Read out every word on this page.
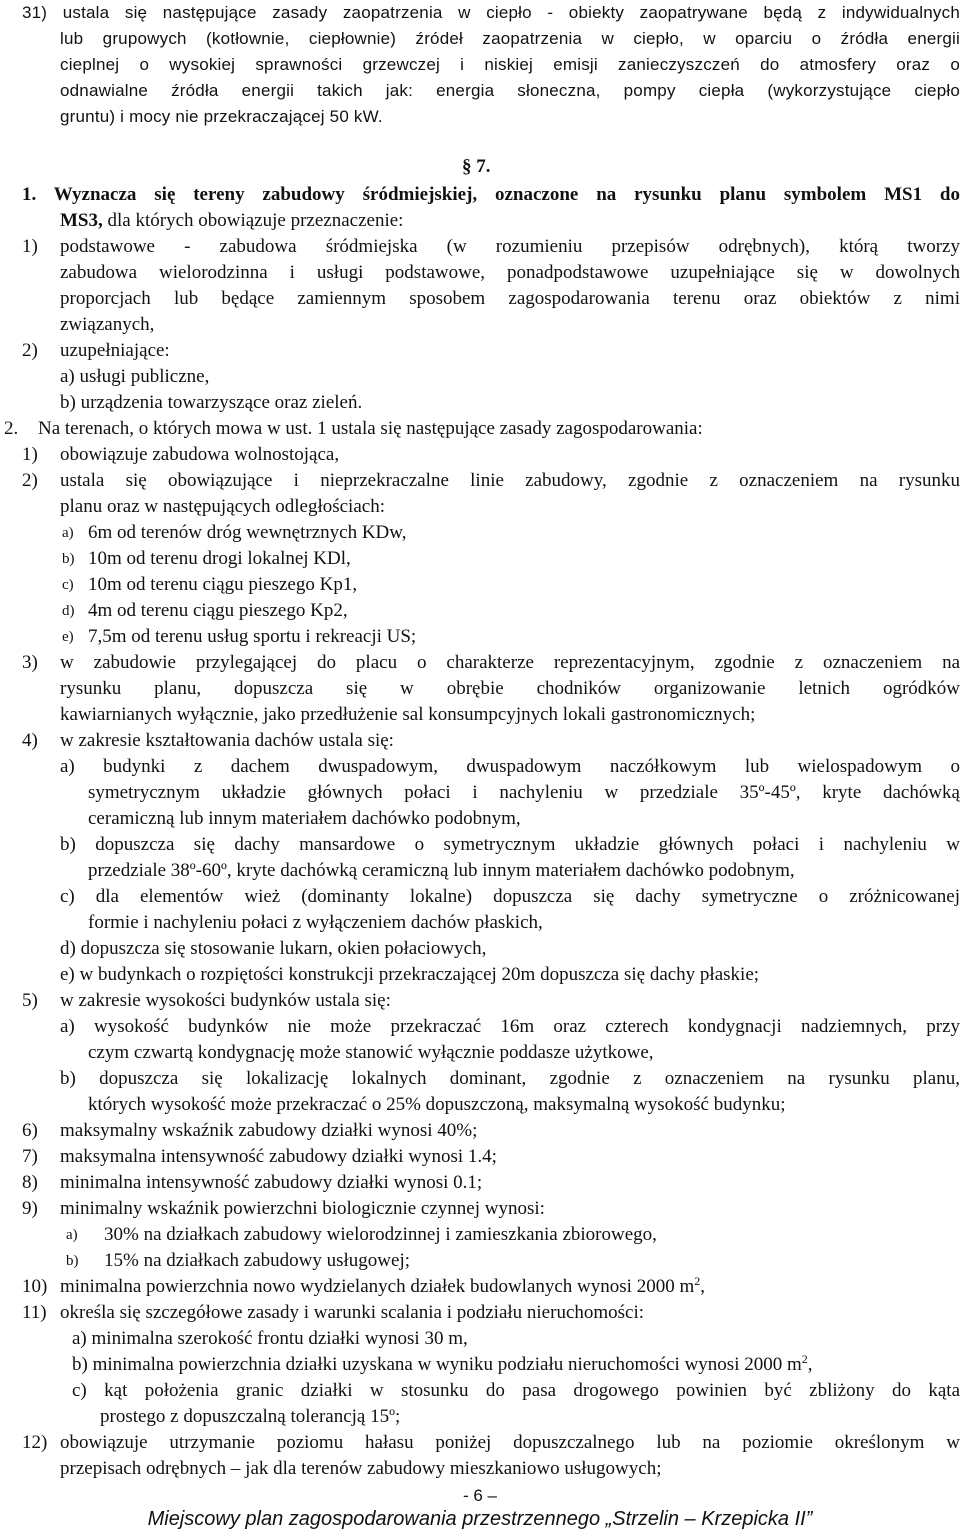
31) ustala się następujące zasady zaopatrzenia w ciepło - obiekty zaopatrywane będą z indywidualnych
lub grupowych (kotłownie, ciepłownie) źródeł zaopatrzenia w ciepło, w oparciu o źródła energii
cieplnej o wysokiej sprawności grzewczej i niskiej emisji zanieczyszczeń do atmosfery oraz o
odnawialne źródła energii takich jak: energia słoneczna, pompy ciepła (wykorzystujące ciepło
gruntu) i mocy nie przekraczającej 50 kW.
§ 7.
1. Wyznacza się tereny zabudowy śródmiejskiej, oznaczone na rysunku planu symbolem MS1 do
MS3, dla których obowiązuje przeznaczenie:
1)	podstawowe - zabudowa śródmiejska (w rozumieniu przepisów odrębnych), którą tworzy
zabudowa wielorodzinna i usługi podstawowe, ponadpodstawowe uzupełniające się w dowolnych
proporcjach lub będące zamiennym sposobem zagospodarowania terenu oraz obiektów z nimi
związanych,
2)	uzupełniające:
a) usługi publiczne,
b) urządzenia towarzyszące oraz zieleń.
2.	Na terenach, o których mowa w ust. 1 ustala się następujące zasady zagospodarowania:
1)	obowiązuje zabudowa wolnostojąca,
2)	ustala się obowiązujące i nieprzekraczalne linie zabudowy, zgodnie z oznaczeniem na rysunku
planu oraz w następujących odległościach:
a) 6m od terenów dróg wewnętrznych KDw,
b) 10m od terenu drogi lokalnej KDl,
c) 10m od terenu ciągu pieszego Kp1,
d) 4m od terenu ciągu pieszego Kp2,
e) 7,5m od terenu usług sportu i rekreacji US;
3)	w zabudowie przylegającej do placu o charakterze reprezentacyjnym, zgodnie z oznaczeniem na
rysunku planu, dopuszcza się w obrębie chodników organizowanie letnich ogródków
kawiarnianych wyłącznie, jako przedłużenie sal konsumpcyjnych lokali gastronomicznych;
4)	w zakresie kształtowania dachów ustala się:
a) budynki z dachem dwuspadowym, dwuspadowym naczółkowym lub wielospadowym o
symetrycznym układzie głównych połaci i nachyleniu w przedziale 35º-45º, kryte dachówką
ceramiczną lub innym materiałem dachówko podobnym,
b) dopuszcza się dachy mansardowe o symetrycznym układzie głównych połaci i nachyleniu w
przedziale 38º-60º, kryte dachówką ceramiczną lub innym materiałem dachówko podobnym,
c) dla elementów wież (dominanty lokalne) dopuszcza się dachy symetryczne o zróżnicowanej
formie i nachyleniu połaci z wyłączeniem dachów płaskich,
d) dopuszcza się stosowanie lukarn, okien połaciowych,
e) w budynkach o rozpiętości konstrukcji przekraczającej 20m dopuszcza się dachy płaskie;
5)	w zakresie wysokości budynków ustala się:
a) wysokość budynków nie może przekraczać 16m oraz czterech kondygnacji nadziemnych, przy
czym czwartą kondygnację może stanowić wyłącznie poddasze użytkowe,
b) dopuszcza się lokalizację lokalnych dominant, zgodnie z oznaczeniem na rysunku planu,
których wysokość może przekraczać o 25% dopuszczoną, maksymalną wysokość budynku;
6)	maksymalny wskaźnik zabudowy działki wynosi 40%;
7)	maksymalna intensywność zabudowy działki wynosi 1.4;
8)	minimalna intensywność zabudowy działki wynosi 0.1;
9)	minimalny wskaźnik powierzchni biologicznie czynnej wynosi:
a)	30% na działkach zabudowy wielorodzinnej i zamieszkania zbiorowego,
b)	15% na działkach zabudowy usługowej;
10) minimalna powierzchnia nowo wydzielanych działek budowlanych wynosi 2000 $m^2$,
11) określa się szczegółowe zasady i warunki scalania i podziału nieruchomości:
a) minimalna szerokość frontu działki wynosi 30 m,
b) minimalna powierzchnia działki uzyskana w wyniku podziału nieruchomości wynosi 2000 $m^2$,
c) kąt położenia granic działki w stosunku do pasa drogowego powinien być zbliżony do kąta
prostego z dopuszczalną tolerancją 15º;
12) obowiązuje utrzymanie poziomu hałasu poniżej dopuszczalnego lub na poziomie określonym w
przepisach odrębnych – jak dla terenów zabudowy mieszkaniowo usługowych;
- 6 –
Miejscowy plan zagospodarowania przestrzennego „Strzelin – Krzepicka II”
